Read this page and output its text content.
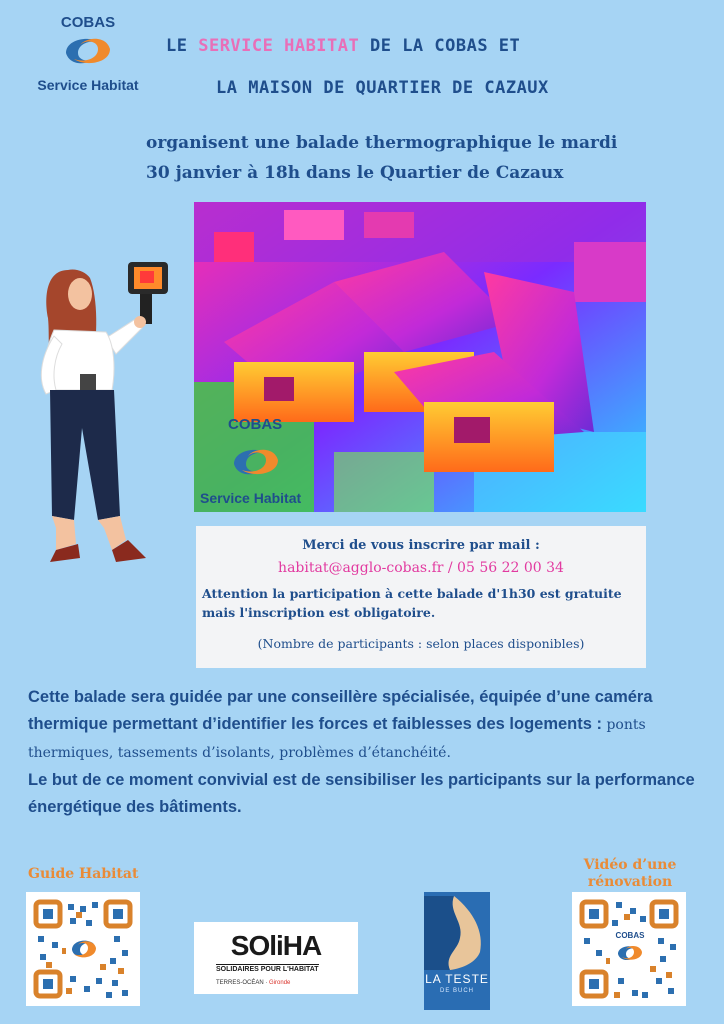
COBAS
Service Habitat
LE SERVICE HABITAT DE LA COBAS ET
LA MAISON DE QUARTIER DE CAZAUX
organisent une balade thermographique le mardi
30 janvier à 18h dans le Quartier de Cazaux
COBAS
Service Habitat
Merci de vous inscrire par mail :
habitat@agglo-cobas.fr / 05 56 22 00 34
Attention la participation à cette balade d'1h30 est gratuite mais l'inscription est obligatoire.
(Nombre de participants : selon places disponibles)
Cette balade sera guidée par une conseillère spécialisée, équipée d’une caméra thermique permettant d’identifier les forces et faiblesses des logements : ponts thermiques, tassements d’isolants, problèmes d’étanchéité.
Le but de ce moment convivial est de sensibiliser les participants sur la performance énergétique des bâtiments.
Guide Habitat
Vidéo d’une rénovation
SOliHA
SOLIDAIRES POUR L'HABITAT
TERRES-OCÉAN · Gironde	LA TESTE
DE BUCH
COBAS
